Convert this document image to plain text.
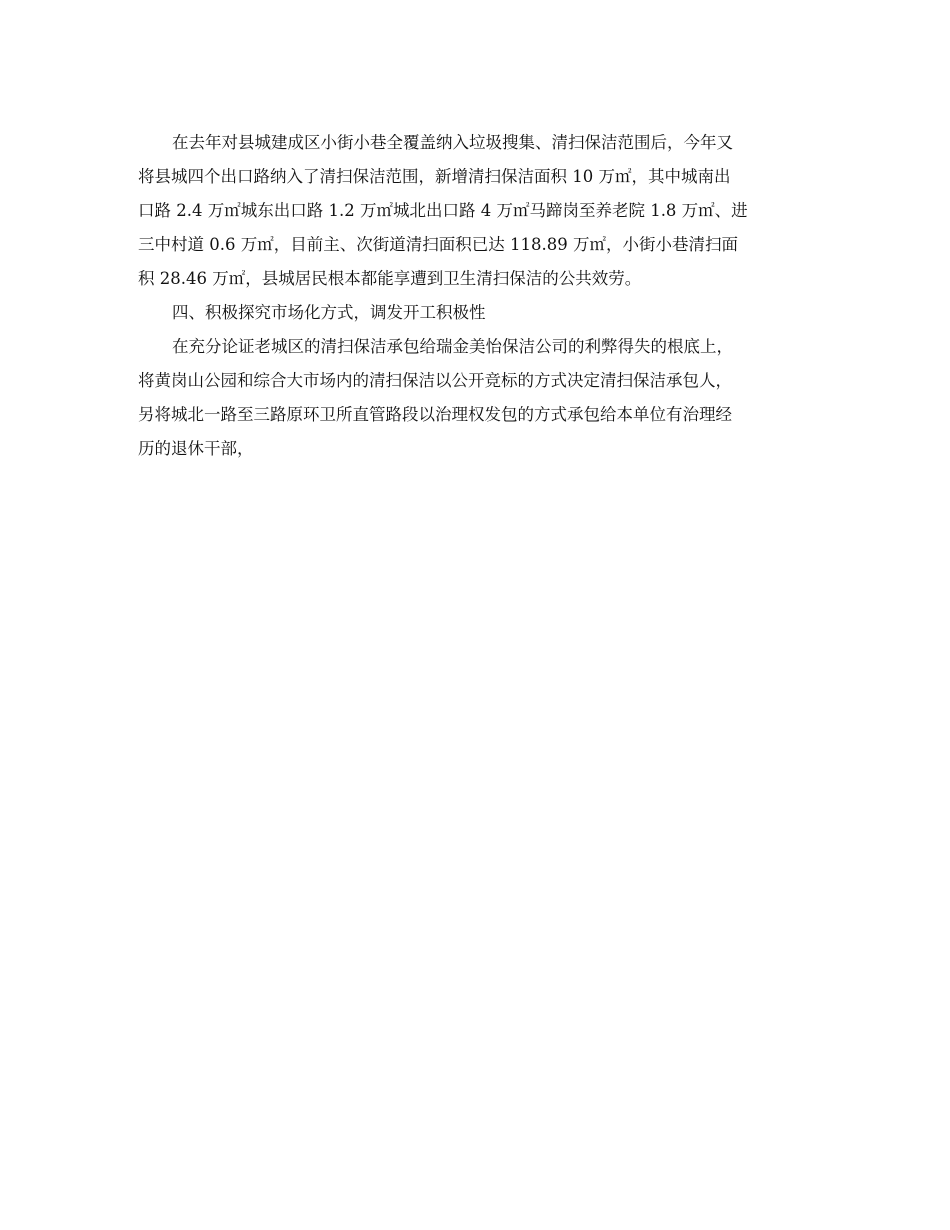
在去年对县城建成区小街小巷全覆盖纳入垃圾搜集、清扫保洁范围后，今年又

将县城四个出口路纳入了清扫保洁范围，新增清扫保洁面积 10 万㎡，其中城南出

口路 2.4 万㎡城东出口路 1.2 万㎡城北出口路 4 万㎡马蹄岗至养老院 1.8 万㎡、进

三中村道 0.6 万㎡，目前主、次街道清扫面积已达 118.89 万㎡，小街小巷清扫面

积 28.46 万㎡，县城居民根本都能享遭到卫生清扫保洁的公共效劳。

四、积极探究市场化方式，调发开工积极性

在充分论证老城区的清扫保洁承包给瑞金美怡保洁公司的利弊得失的根底上，

将黄岗山公园和综合大市场内的清扫保洁以公开竞标的方式决定清扫保洁承包人，

另将城北一路至三路原环卫所直管路段以治理权发包的方式承包给本单位有治理经

历的退休干部，
